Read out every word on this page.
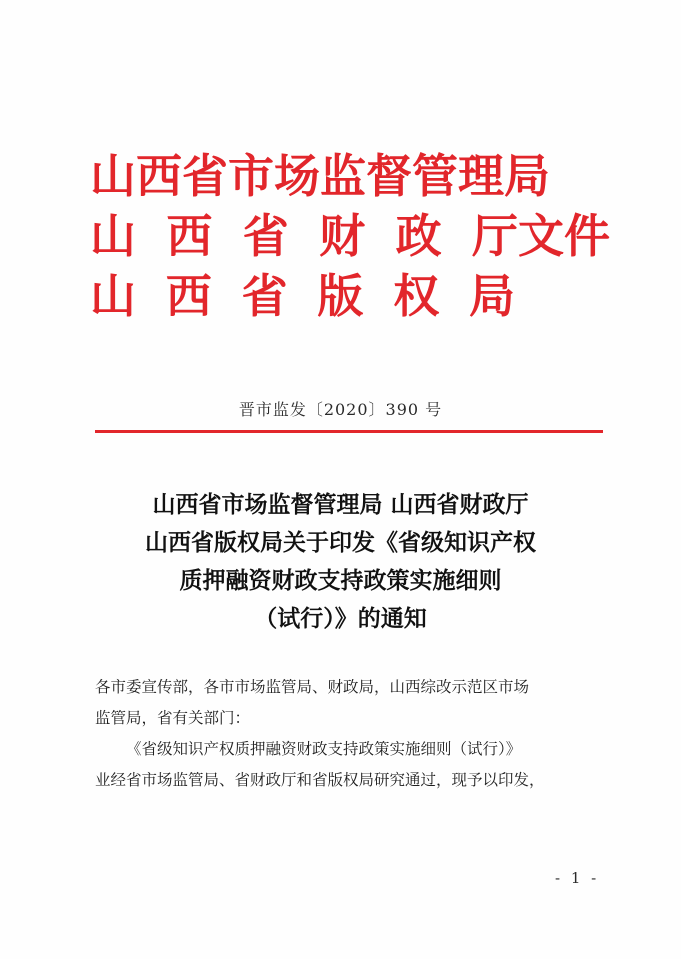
山西省市场监督管理局
山 西 省 财 政 厅文件
山 西 省 版 权 局
晋市监发〔2020〕390 号
山西省市场监督管理局 山西省财政厅
山西省版权局关于印发《省级知识产权
质押融资财政支持政策实施细则
（试行）》的通知

各市委宣传部，各市市场监管局、财政局，山西综改示范区市场

监管局，省有关部门：

《省级知识产权质押融资财政支持政策实施细则（试行）》

业经省市场监管局、省财政厅和省版权局研究通过，现予以印发，

- 1 -
